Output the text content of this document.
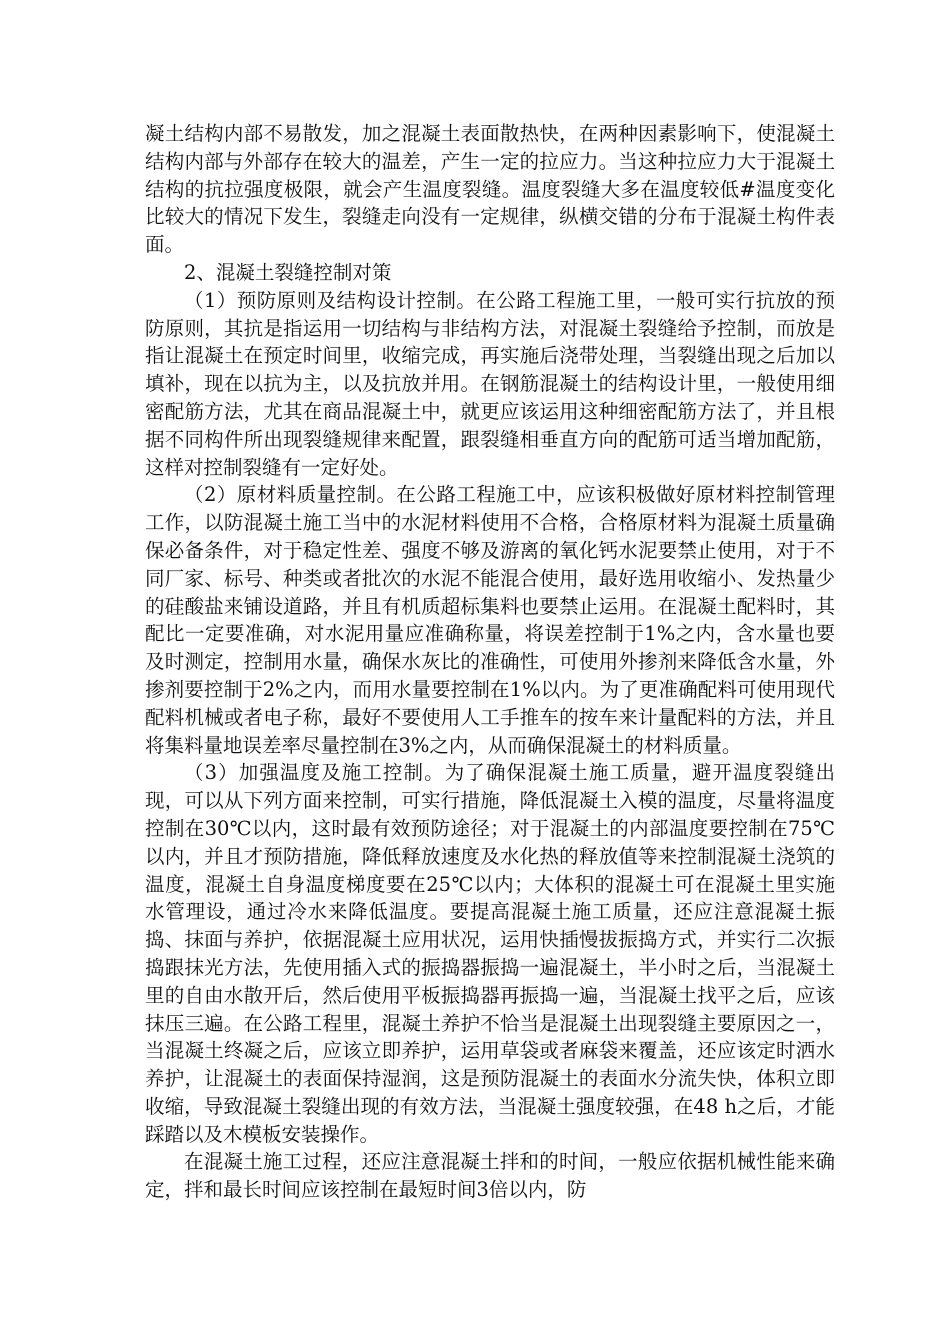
凝土结构内部不易散发，加之混凝土表面散热快，在两种因素影响下，使混凝土结构内部与外部存在较大的温差，产生一定的拉应力。当这种拉应力大于混凝土结构的抗拉强度极限，就会产生温度裂缝。温度裂缝大多在温度较低#温度变化比较大的情况下发生，裂缝走向没有一定规律，纵横交错的分布于混凝土构件表面。

2、混凝土裂缝控制对策

（1）预防原则及结构设计控制。在公路工程施工里，一般可实行抗放的预防原则，其抗是指运用一切结构与非结构方法，对混凝土裂缝给予控制，而放是指让混凝土在预定时间里，收缩完成，再实施后浇带处理，当裂缝出现之后加以填补，现在以抗为主，以及抗放并用。在钢筋混凝土的结构设计里，一般使用细密配筋方法，尤其在商品混凝土中，就更应该运用这种细密配筋方法了，并且根据不同构件所出现裂缝规律来配置，跟裂缝相垂直方向的配筋可适当增加配筋，这样对控制裂缝有一定好处。

（2）原材料质量控制。在公路工程施工中，应该积极做好原材料控制管理工作，以防混凝土施工当中的水泥材料使用不合格，合格原材料为混凝土质量确保必备条件，对于稳定性差、强度不够及游离的氧化钙水泥要禁止使用，对于不同厂家、标号、种类或者批次的水泥不能混合使用，最好选用收缩小、发热量少的硅酸盐来铺设道路，并且有机质超标集料也要禁止运用。在混凝土配料时，其配比一定要准确，对水泥用量应准确称量，将误差控制于1%之内，含水量也要及时测定，控制用水量，确保水灰比的准确性，可使用外掺剂来降低含水量，外掺剂要控制于2%之内，而用水量要控制在1%以内。为了更准确配料可使用现代配料机械或者电子称，最好不要使用人工手推车的按车来计量配料的方法，并且将集料量地误差率尽量控制在3%之内，从而确保混凝土的材料质量。

（3）加强温度及施工控制。为了确保混凝土施工质量，避开温度裂缝出现，可以从下列方面来控制，可实行措施，降低混凝土入模的温度，尽量将温度控制在30℃以内，这时最有效预防途径；对于混凝土的内部温度要控制在75℃以内，并且才预防措施，降低释放速度及水化热的释放值等来控制混凝土浇筑的温度，混凝土自身温度梯度要在25℃以内；大体积的混凝土可在混凝土里实施水管理设，通过冷水来降低温度。要提高混凝土施工质量，还应注意混凝土振捣、抹面与养护，依据混凝土应用状况，运用快插慢拔振捣方式，并实行二次振捣跟抹光方法，先使用插入式的振捣器振捣一遍混凝土，半小时之后，当混凝土里的自由水散开后，然后使用平板振捣器再振捣一遍，当混凝土找平之后，应该抹压三遍。在公路工程里，混凝土养护不恰当是混凝土出现裂缝主要原因之一，当混凝土终凝之后，应该立即养护，运用草袋或者麻袋来覆盖，还应该定时洒水养护，让混凝土的表面保持湿润，这是预防混凝土的表面水分流失快，体积立即收缩，导致混凝土裂缝出现的有效方法，当混凝土强度较强，在48 h之后，才能踩踏以及木模板安装操作。

在混凝土施工过程，还应注意混凝土拌和的时间，一般应依据机械性能来确定，拌和最长时间应该控制在最短时间3倍以内，防
